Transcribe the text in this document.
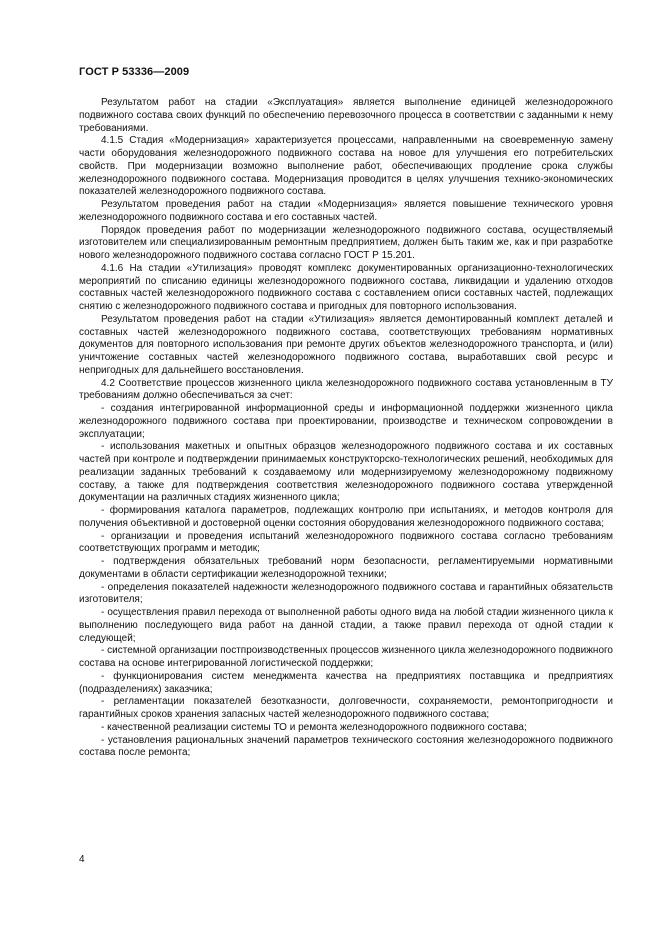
ГОСТ Р 53336—2009

Результатом работ на стадии «Эксплуатация» является выполнение единицей железнодорожного подвижного состава своих функций по обеспечению перевозочного процесса в соответствии с заданными к нему требованиями.

4.1.5 Стадия «Модернизация» характеризуется процессами, направленными на своевременную замену части оборудования железнодорожного подвижного состава на новое для улучшения его потребительских свойств. При модернизации возможно выполнение работ, обеспечивающих продление срока службы железнодорожного подвижного состава. Модернизация проводится в целях улучшения технико-экономических показателей железнодорожного подвижного состава.

Результатом проведения работ на стадии «Модернизация» является повышение технического уровня железнодорожного подвижного состава и его составных частей.

Порядок проведения работ по модернизации железнодорожного подвижного состава, осуществляемый изготовителем или специализированным ремонтным предприятием, должен быть таким же, как и при разработке нового железнодорожного подвижного состава согласно ГОСТ Р 15.201.

4.1.6 На стадии «Утилизация» проводят комплекс документированных организационно-технологических мероприятий по списанию единицы железнодорожного подвижного состава, ликвидации и удалению отходов составных частей железнодорожного подвижного состава с составлением описи составных частей, подлежащих снятию с железнодорожного подвижного состава и пригодных для повторного использования.

Результатом проведения работ на стадии «Утилизация» является демонтированный комплект деталей и составных частей железнодорожного подвижного состава, соответствующих требованиям нормативных документов для повторного использования при ремонте других объектов железнодорожного транспорта, и (или) уничтожение составных частей железнодорожного подвижного состава, выработавших свой ресурс и непригодных для дальнейшего восстановления.

4.2 Соответствие процессов жизненного цикла железнодорожного подвижного состава установленным в ТУ требованиям должно обеспечиваться за счет:

- создания интегрированной информационной среды и информационной поддержки жизненного цикла железнодорожного подвижного состава при проектировании, производстве и техническом сопровождении в эксплуатации;

- использования макетных и опытных образцов железнодорожного подвижного состава и их составных частей при контроле и подтверждении принимаемых конструкторско-технологических решений, необходимых для реализации заданных требований к создаваемому или модернизируемому железнодорожному подвижному составу, а также для подтверждения соответствия железнодорожного подвижного состава утвержденной документации на различных стадиях жизненного цикла;

- формирования каталога параметров, подлежащих контролю при испытаниях, и методов контроля для получения объективной и достоверной оценки состояния оборудования железнодорожного подвижного состава;

- организации и проведения испытаний железнодорожного подвижного состава согласно требованиям соответствующих программ и методик;

- подтверждения обязательных требований норм безопасности, регламентируемыми нормативными документами в области сертификации железнодорожной техники;

- определения показателей надежности железнодорожного подвижного состава и гарантийных обязательств изготовителя;

- осуществления правил перехода от выполненной работы одного вида на любой стадии жизненного цикла к выполнению последующего вида работ на данной стадии, а также правил перехода от одной стадии к следующей;

- системной организации постпроизводственных процессов жизненного цикла железнодорожного подвижного состава на основе интегрированной логистической поддержки;

- функционирования систем менеджмента качества на предприятиях поставщика и предприятиях (подразделениях) заказчика;

- регламентации показателей безотказности, долговечности, сохраняемости, ремонтопригодности и гарантийных сроков хранения запасных частей железнодорожного подвижного состава;

- качественной реализации системы ТО и ремонта железнодорожного подвижного состава;

- установления рациональных значений параметров технического состояния железнодорожного подвижного состава после ремонта;

4
